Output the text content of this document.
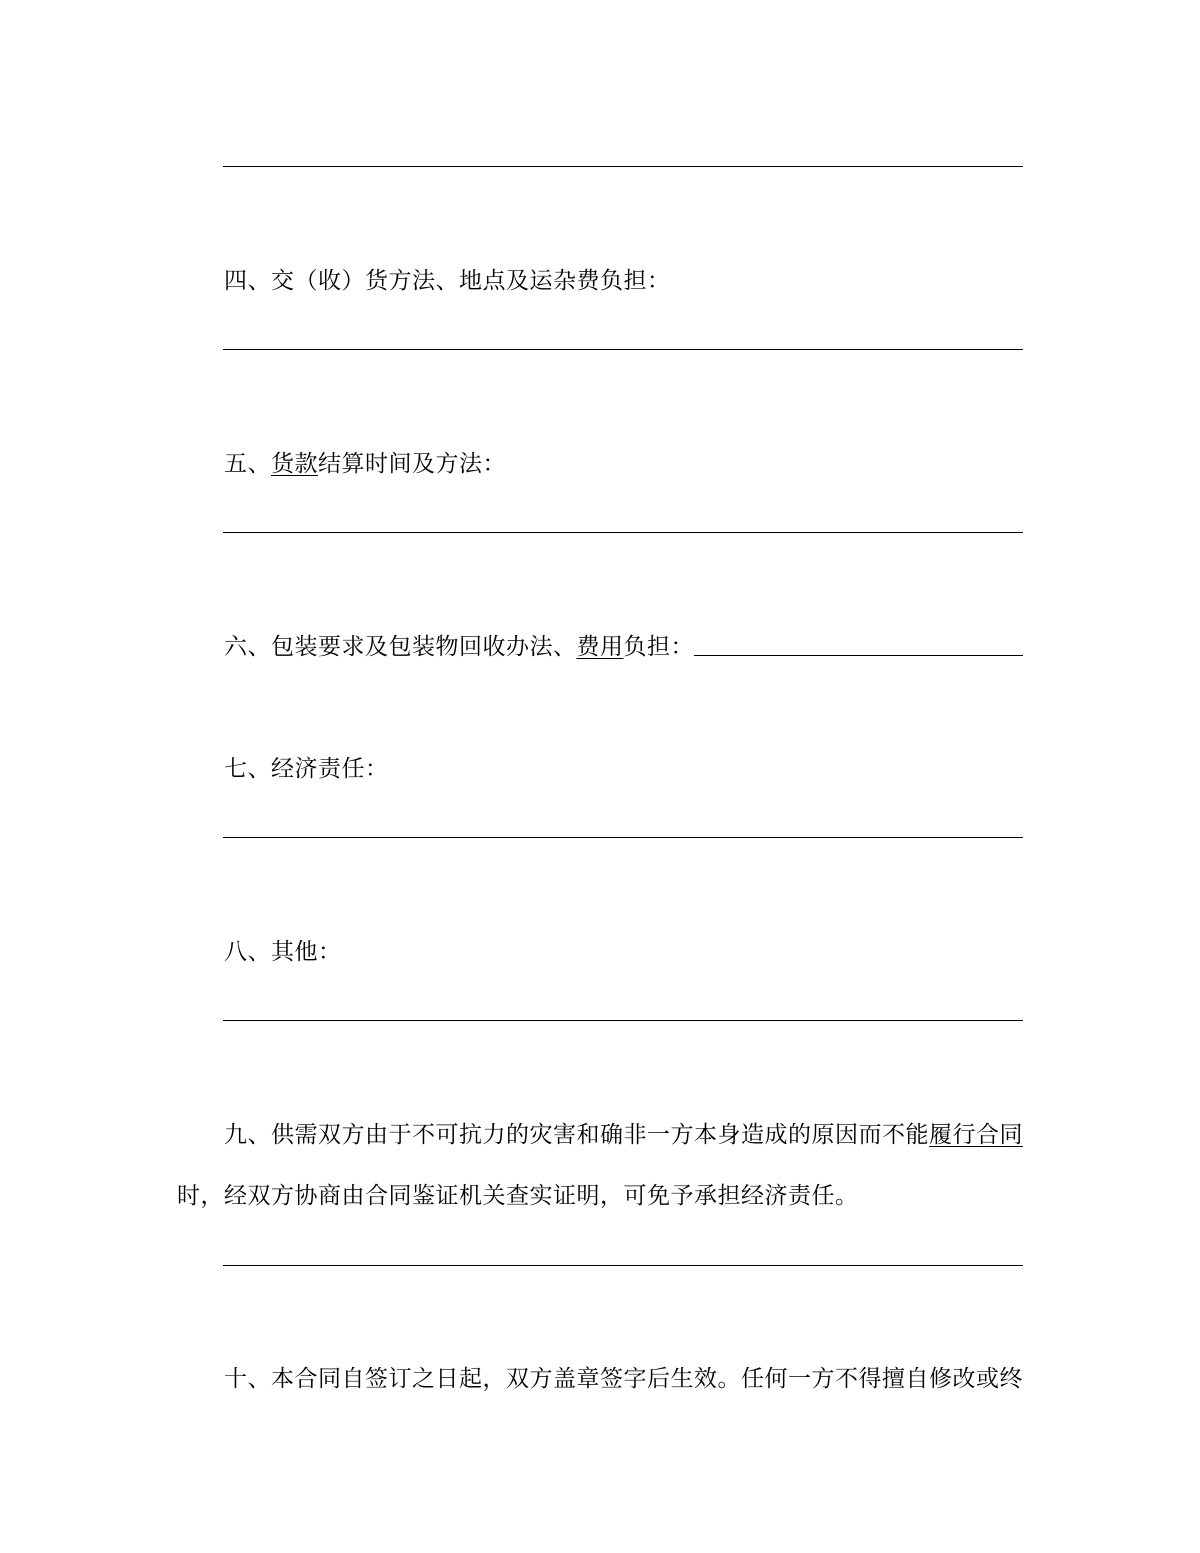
四、交（收）货方法、地点及运杂费负担：
五、货款结算时间及方法：
六、包装要求及包装物回收办法、费用负担：
七、经济责任：
八、其他：
九、供需双方由于不可抗力的灾害和确非一方本身造成的原因而不能履行合同
时，经双方协商由合同鉴证机关查实证明，可免予承担经济责任。
十、本合同自签订之日起，双方盖章签字后生效。任何一方不得擅自修改或终
